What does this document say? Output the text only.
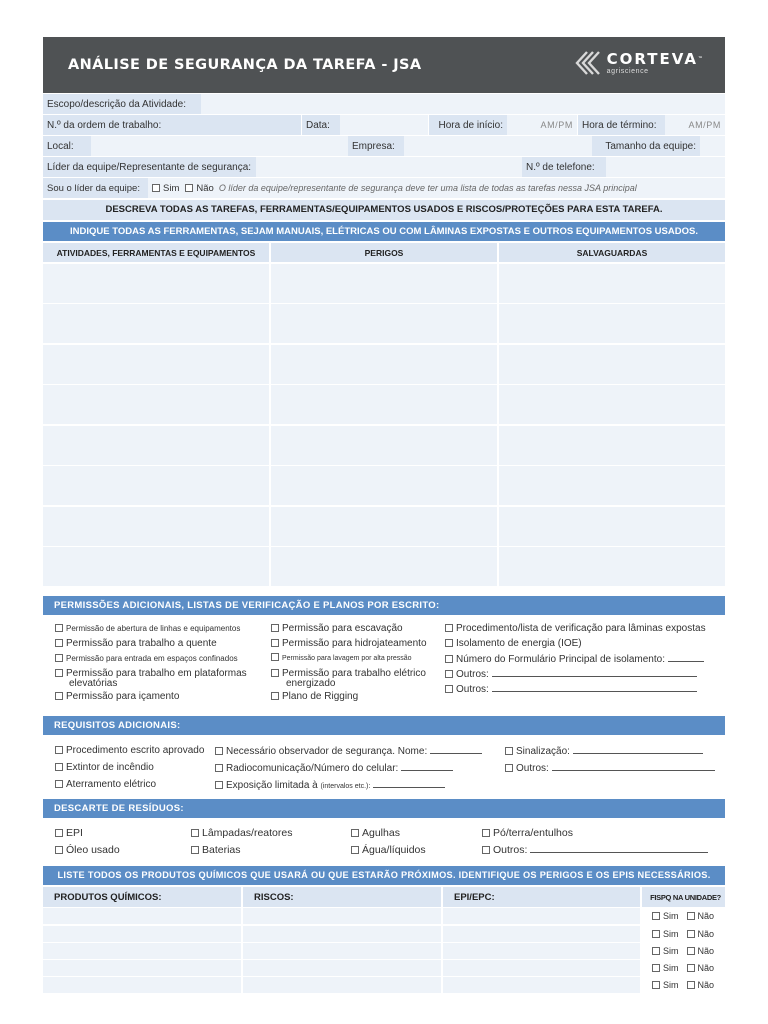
ANÁLISE DE SEGURANÇA DA TAREFA - JSA	CORTEVA™
agriscience
Escopo/descrição da Atividade:
N.º da ordem de trabalho:	Data:	Hora de início:	AM/PM Hora de término:	AM/PM
Local:	Empresa:	Tamanho da equipe:
Líder da equipe/Representante de segurança:	N.º de telefone:
Sou o líder da equipe:	Sim Não O líder da equipe/representante de segurança deve ter uma lista de todas as tarefas nessa JSA principal
DESCREVA TODAS AS TAREFAS, FERRAMENTAS/EQUIPAMENTOS USADOS E RISCOS/PROTEÇÕES PARA ESTA TAREFA.
INDIQUE TODAS AS FERRAMENTAS, SEJAM MANUAIS, ELÉTRICAS OU COM LÂMINAS EXPOSTAS E OUTROS EQUIPAMENTOS USADOS.
ATIVIDADES, FERRAMENTAS E EQUIPAMENTOS	PERIGOS	SALVAGUARDAS
PERMISSÕES ADICIONAIS, LISTAS DE VERIFICAÇÃO E PLANOS POR ESCRITO:
Permissão de abertura de linhas e equipamentos
Permissão para trabalho a quente
Permissão para entrada em espaços confinados
Permissão para trabalho em plataformas
elevatórias
Permissão para içamento
Permissão para escavação
Permissão para hidrojateamento
Permissão para lavagem por alta pressão
Permissão para trabalho elétrico
energizado
Plano de Rigging
Procedimento/lista de verificação para lâminas expostas
Isolamento de energia (IOE)
Número do Formulário Principal de isolamento:
Outros:
Outros:
REQUISITOS ADICIONAIS:
Procedimento escrito aprovado
Extintor de incêndio
Aterramento elétrico
Necessário observador de segurança. Nome:
Radiocomunicação/Número do celular:
Exposição limitada à (intervalos etc.):
Sinalização:
Outros:
DESCARTE DE RESÍDUOS:
EPI
Óleo usado
Lâmpadas/reatores
Baterias
Agulhas
Água/líquidos
Pó/terra/entulhos
Outros:
LISTE TODOS OS PRODUTOS QUÍMICOS QUE USARÁ OU QUE ESTARÃO PRÓXIMOS. IDENTIFIQUE OS PERIGOS E OS EPIS NECESSÁRIOS.
PRODUTOS QUÍMICOS:	RISCOS:	EPI/EPC:	FISPQ NA UNIDADE?
Sim Não
Sim Não
Sim Não
Sim Não
Sim Não
